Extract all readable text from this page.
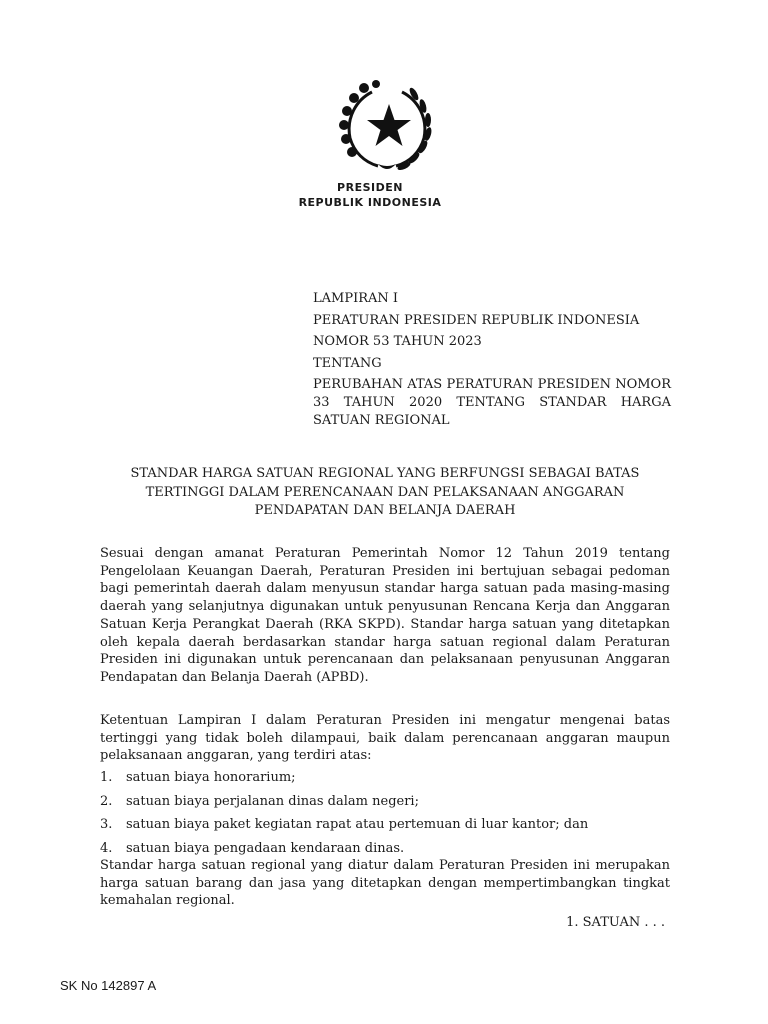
PRESIDEN
REPUBLIK INDONESIA
LAMPIRAN I
PERATURAN PRESIDEN REPUBLIK INDONESIA
NOMOR 53 TAHUN 2023
TENTANG
PERUBAHAN ATAS PERATURAN PRESIDEN NOMOR 33 TAHUN 2020 TENTANG STANDAR HARGA SATUAN REGIONAL
STANDAR HARGA SATUAN REGIONAL YANG BERFUNGSI SEBAGAI BATAS
TERTINGGI DALAM PERENCANAAN DAN PELAKSANAAN ANGGARAN
PENDAPATAN DAN BELANJA DAERAH
Sesuai dengan amanat Peraturan Pemerintah Nomor 12 Tahun 2019 tentang Pengelolaan Keuangan Daerah, Peraturan Presiden ini bertujuan sebagai pedoman bagi pemerintah daerah dalam menyusun standar harga satuan pada masing-masing daerah yang selanjutnya digunakan untuk penyusunan Rencana Kerja dan Anggaran Satuan Kerja Perangkat Daerah (RKA SKPD). Standar harga satuan yang ditetapkan oleh kepala daerah berdasarkan standar harga satuan regional dalam Peraturan Presiden ini digunakan untuk perencanaan dan pelaksanaan penyusunan Anggaran Pendapatan dan Belanja Daerah (APBD).
Ketentuan Lampiran I dalam Peraturan Presiden ini mengatur mengenai batas tertinggi yang tidak boleh dilampaui, baik dalam perencanaan anggaran maupun pelaksanaan anggaran, yang terdiri atas:
1.	satuan biaya honorarium;
2.	satuan biaya perjalanan dinas dalam negeri;
3.	satuan biaya paket kegiatan rapat atau pertemuan di luar kantor; dan
4.	satuan biaya pengadaan kendaraan dinas.
Standar harga satuan regional yang diatur dalam Peraturan Presiden ini merupakan harga satuan barang dan jasa yang ditetapkan dengan mempertimbangkan tingkat kemahalan regional.
1. SATUAN . . .
SK No 142897 A
